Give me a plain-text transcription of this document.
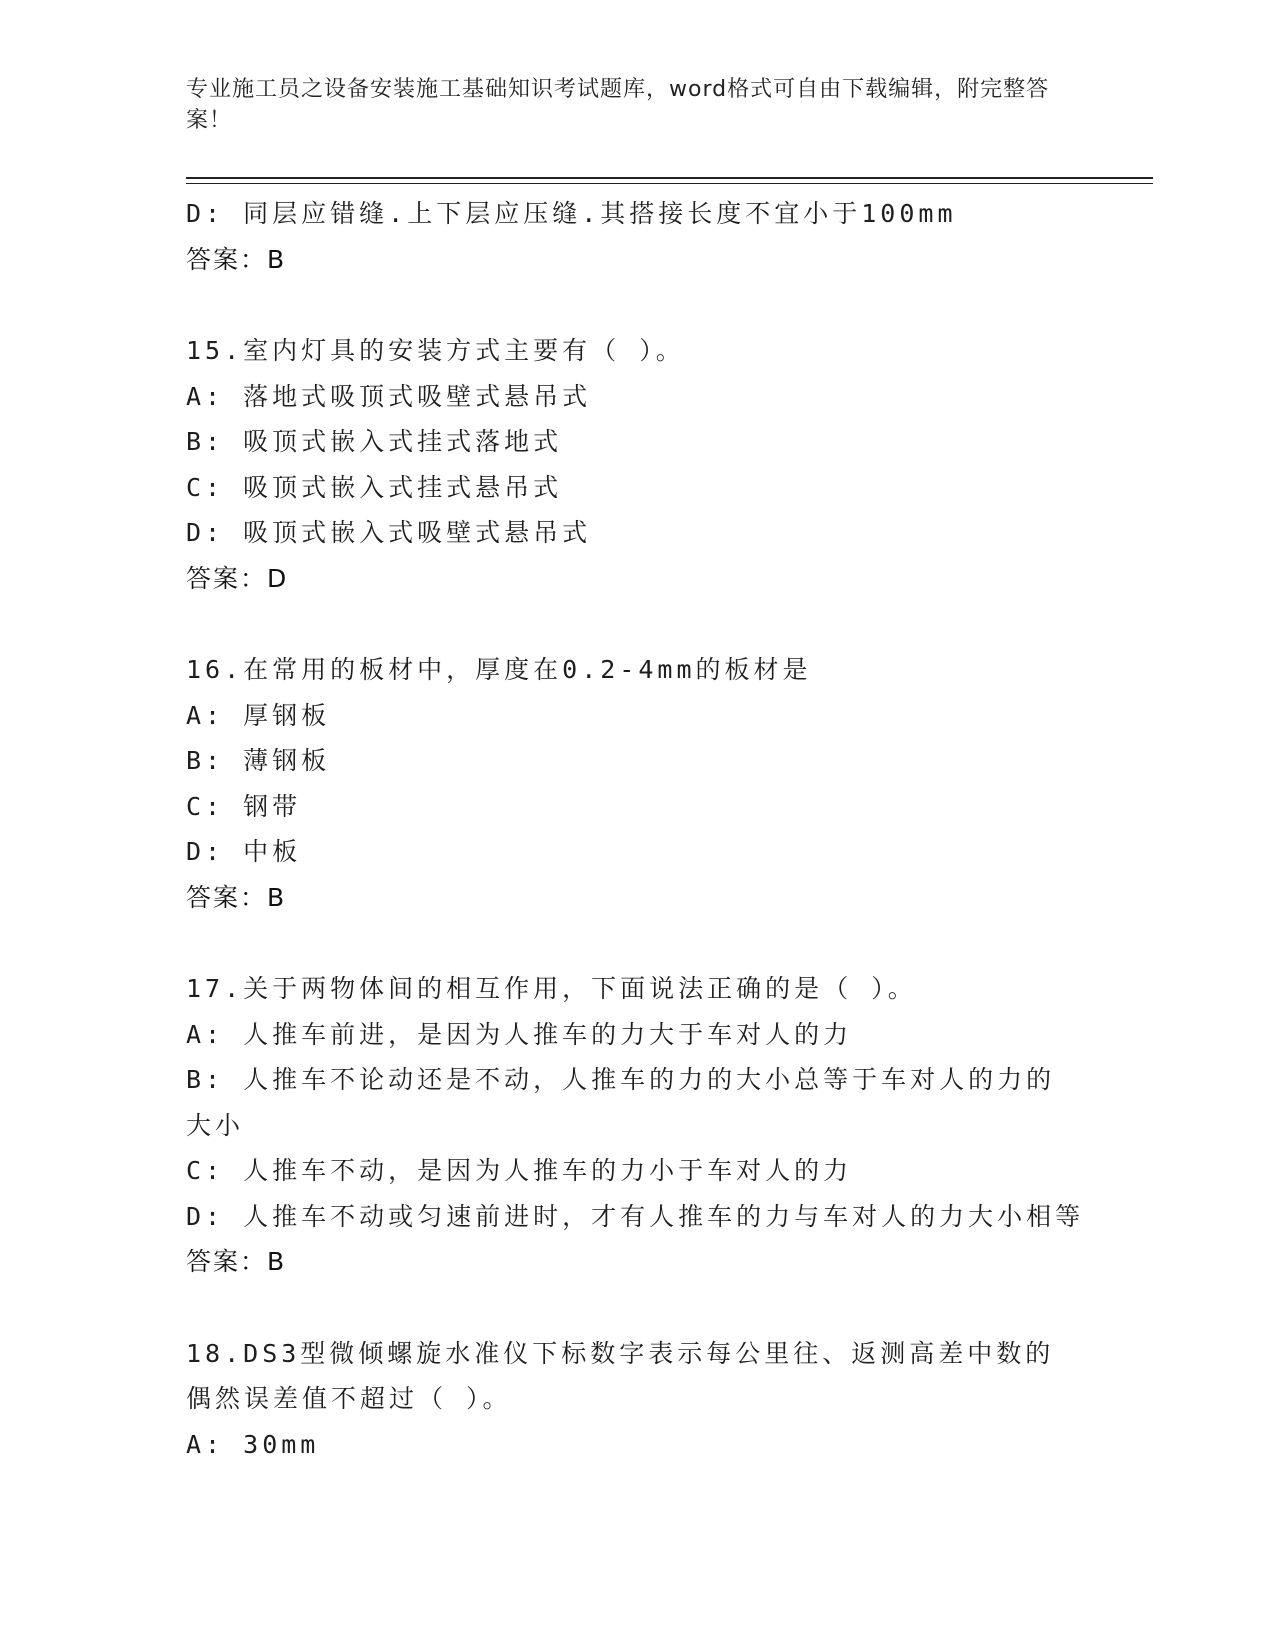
专业施工员之设备安装施工基础知识考试题库，word格式可自由下载编辑，附完整答案！
D: 同层应错缝.上下层应压缝.其搭接长度不宜小于100mm
答案：B
15.室内灯具的安装方式主要有（ ）。
A: 落地式吸顶式吸壁式悬吊式
B: 吸顶式嵌入式挂式落地式
C: 吸顶式嵌入式挂式悬吊式
D: 吸顶式嵌入式吸壁式悬吊式
答案：D
16.在常用的板材中，厚度在0.2-4mm的板材是
A: 厚钢板
B: 薄钢板
C: 钢带
D: 中板
答案：B
17.关于两物体间的相互作用，下面说法正确的是（ ）。
A: 人推车前进，是因为人推车的力大于车对人的力
B: 人推车不论动还是不动，人推车的力的大小总等于车对人的力的大小
C: 人推车不动，是因为人推车的力小于车对人的力
D: 人推车不动或匀速前进时，才有人推车的力与车对人的力大小相等
答案：B
18.DS3型微倾螺旋水准仪下标数字表示每公里往、返测高差中数的偶然误差值不超过（ ）。
A: 30mm
